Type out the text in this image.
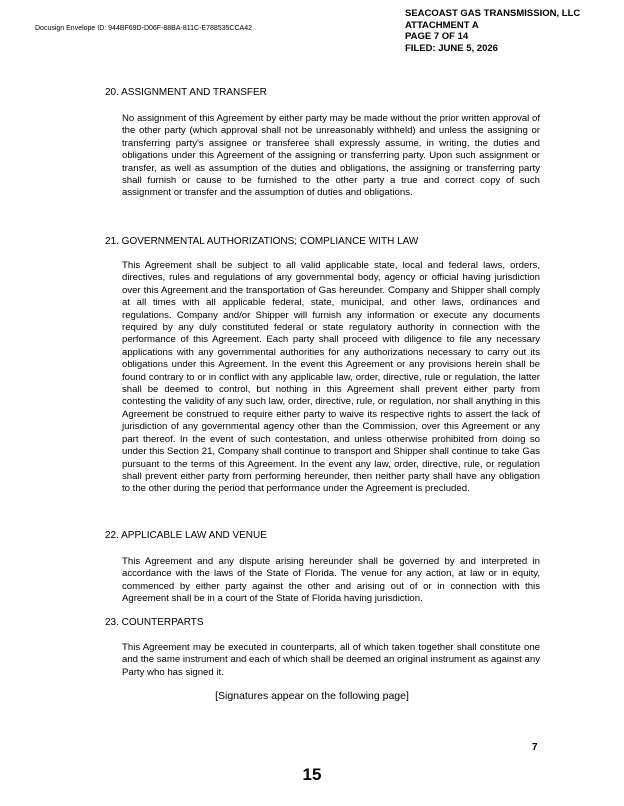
Docusign Envelope ID: 944BF69D-D06F-88BA-811C-E788535CCA42
SEACOAST GAS TRANSMISSION, LLC
ATTACHMENT A
PAGE 7 OF 14
FILED: JUNE 5, 2026
20. ASSIGNMENT AND TRANSFER

No assignment of this Agreement by either party may be made without the prior written approval of the other party (which approval shall not be unreasonably withheld) and unless the assigning or transferring party's assignee or transferee shall expressly assume, in writing, the duties and obligations under this Agreement of the assigning or transferring party. Upon such assignment or transfer, as well as assumption of the duties and obligations, the assigning or transferring party shall furnish or cause to be furnished to the other party a true and correct copy of such assignment or transfer and the assumption of duties and obligations.

21. GOVERNMENTAL AUTHORIZATIONS; COMPLIANCE WITH LAW

This Agreement shall be subject to all valid applicable state, local and federal laws, orders, directives, rules and regulations of any governmental body, agency or official having jurisdiction over this Agreement and the transportation of Gas hereunder. Company and Shipper shall comply at all times with all applicable federal, state, municipal, and other laws, ordinances and regulations. Company and/or Shipper will furnish any information or execute any documents required by any duly constituted federal or state regulatory authority in connection with the performance of this Agreement. Each party shall proceed with diligence to file any necessary applications with any governmental authorities for any authorizations necessary to carry out its obligations under this Agreement. In the event this Agreement or any provisions herein shall be found contrary to or in conflict with any applicable law, order, directive, rule or regulation, the latter shall be deemed to control, but nothing in this Agreement shall prevent either party from contesting the validity of any such law, order, directive, rule, or regulation, nor shall anything in this Agreement be construed to require either party to waive its respective rights to assert the lack of jurisdiction of any governmental agency other than the Commission, over this Agreement or any part thereof. In the event of such contestation, and unless otherwise prohibited from doing so under this Section 21, Company shall continue to transport and Shipper shall continue to take Gas pursuant to the terms of this Agreement. In the event any law, order, directive, rule, or regulation shall prevent either party from performing hereunder, then neither party shall have any obligation to the other during the period that performance under the Agreement is precluded.

22. APPLICABLE LAW AND VENUE

This Agreement and any dispute arising hereunder shall be governed by and interpreted in accordance with the laws of the State of Florida. The venue for any action, at law or in equity, commenced by either party against the other and arising out of or in connection with this Agreement shall be in a court of the State of Florida having jurisdiction.

23. COUNTERPARTS

This Agreement may be executed in counterparts, all of which taken together shall constitute one and the same instrument and each of which shall be deemed an original instrument as against any Party who has signed it.

[Signatures appear on the following page]
7
15
